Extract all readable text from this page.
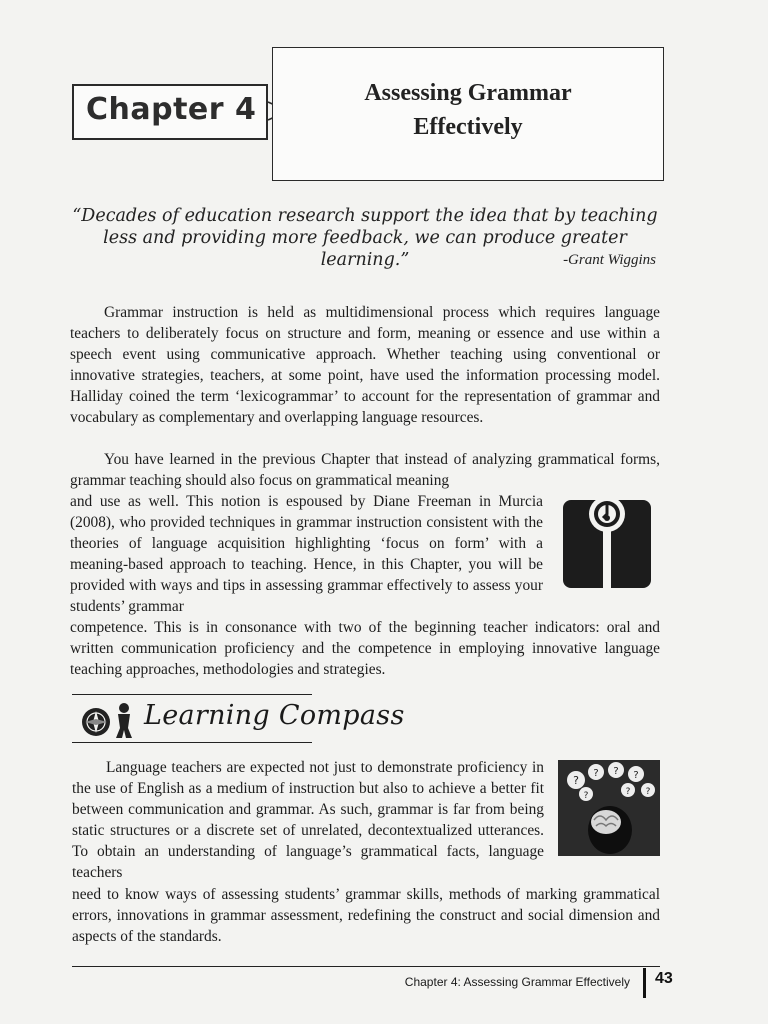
Chapter 4	Assessing Grammar
Effectively
“Decades of education research support the idea that by teaching less and providing more feedback, we can produce greater learning.”	-Grant Wiggins
Grammar instruction is held as multidimensional process which requires language teachers to deliberately focus on structure and form, meaning or essence and use within a speech event using communicative approach. Whether teaching using conventional or innovative strategies, teachers, at some point, have used the information processing model. Halliday coined the term ‘lexicogrammar’ to account for the representation of grammar and vocabulary as complementary and overlapping language resources.
You have learned in the previous Chapter that instead of analyzing grammatical forms, grammar teaching should also focus on grammatical meaning
and use as well. This notion is espoused by Diane Freeman in Murcia (2008), who provided techniques in grammar instruction consistent with the theories of language acquisition highlighting ‘focus on form’ with a meaning-based approach to teaching. Hence, in this Chapter, you will be provided with ways and tips in assessing grammar effectively to assess your students’ grammar
competence. This is in consonance with two of the beginning teacher indicators: oral and written communication proficiency and the competence in employing innovative language teaching approaches, methodologies and strategies.
Learning Compass
Language teachers are expected not just to demonstrate proficiency in the use of English as a medium of instruction but also to achieve a better fit between communication and grammar. As such, grammar is far from being static structures or a discrete set of unrelated, decontextualized utterances. To obtain an understanding of language’s grammatical facts, language teachers
need to know ways of assessing students’ grammar skills, methods of marking grammatical errors, innovations in grammar assessment, redefining the construct and social dimension and aspects of the standards.
?
? ? ?
?
?	?
Chapter 4: Assessing Grammar Effectively 43
